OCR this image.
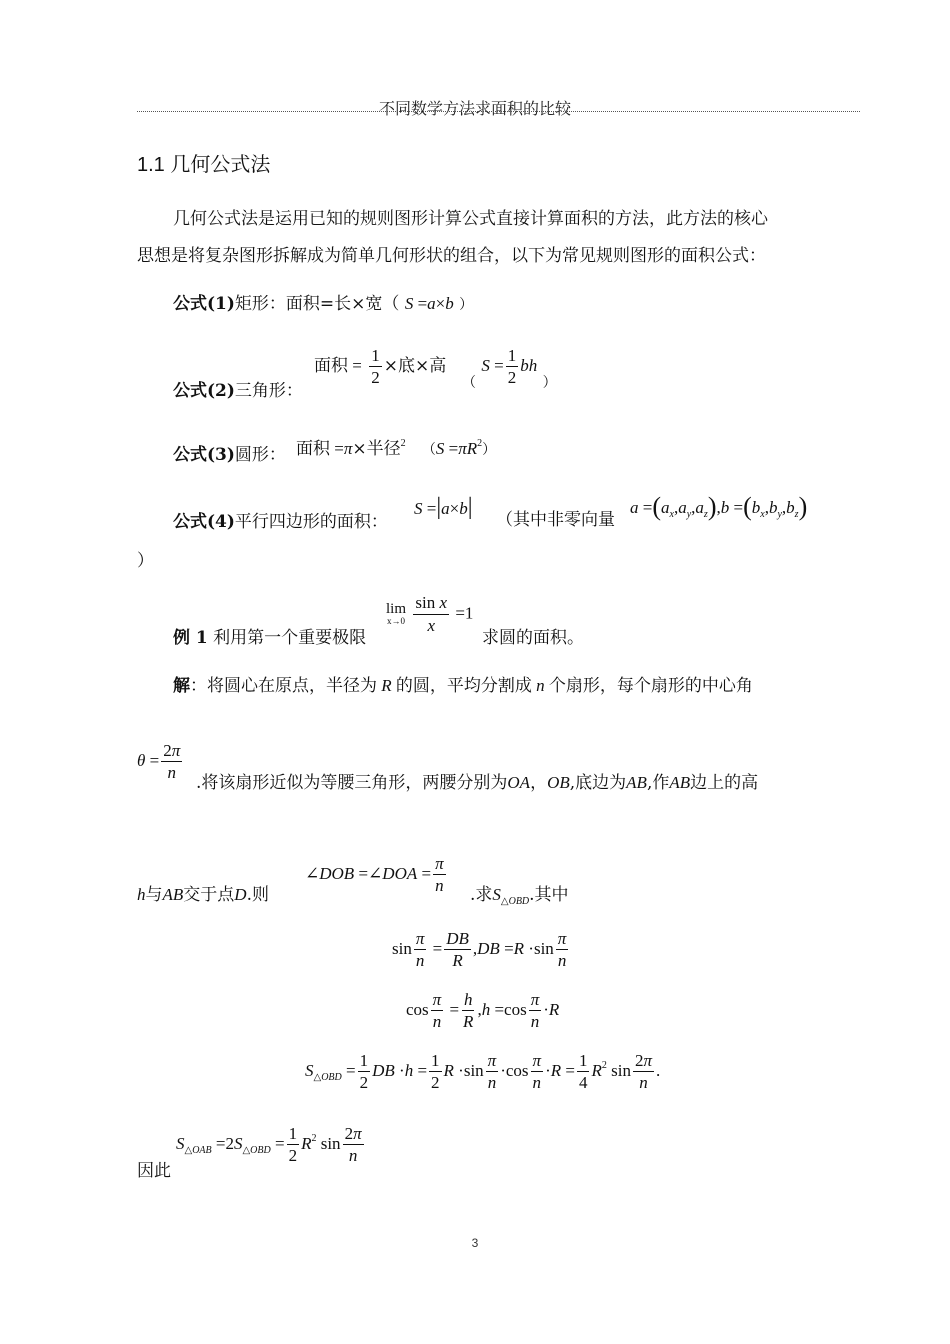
不同数学方法求面积的比较
1.1 几何公式法
几何公式法是运用已知的规则图形计算公式直接计算面积的方法，此方法的核心
思想是将复杂图形拆解成为简单几何形状的组合，以下为常见规则图形的面积公式：
公式(1)矩形：面积=长×宽（ S =a×b ）
公式(2)三角形：
面积 = $\frac{1}{2}$ ×底×高
$_($ $S = \frac{1}{2}$ bh $_)$
公式(3)圆形： 面积 =π×半径$^2$ $(S =\pi R^2)$
公式(4)平行四边形的面积：
S =|a×b| （其中非零向量
$a =(a_x,a_y,a_z),b =(b_x,b_y,b_z)$
）
例 1 利用第一个重要极限
lim
x→0
$\frac{\text{sin x}}{x} =1$
求圆的面积。
解：将圆心在原点，半径为 R 的圆，平均分割成 n 个扇形，每个扇形的中心角
$\theta = \frac{2\pi}{n}$
.将该扇形近似为等腰三角形，两腰分别为OA，OB,底边为AB,作AB边上的高
h与AB交于点D.则
∠DOB =∠DOA = $\frac{\pi}{n}$
.求$S_{\triangle OBD}$.其中
$\sin \frac{\pi}{n} = \frac{DB}{R} ,DB =R \cdot\sin \frac{\pi}{n}$
$\cos \frac{\pi}{n} = \frac{h}{R} ,h =\cos \frac{\pi}{n} \cdot R$
$S_{\triangle OBD} = \frac{1}{2}$ DB $\cdot h = \frac{1}{2}$ $R \cdot\sin \frac{\pi}{n} \cdot\cos \frac{\pi}{n} \cdot R = \frac{1}{4} R^2$ $\sin \frac{2\pi}{n}$ .
因此
$S_{\triangle OAB} =2S_{\triangle OBD} = \frac{1}{2} R^2$ $\sin \frac{2\pi}{n}$
3
